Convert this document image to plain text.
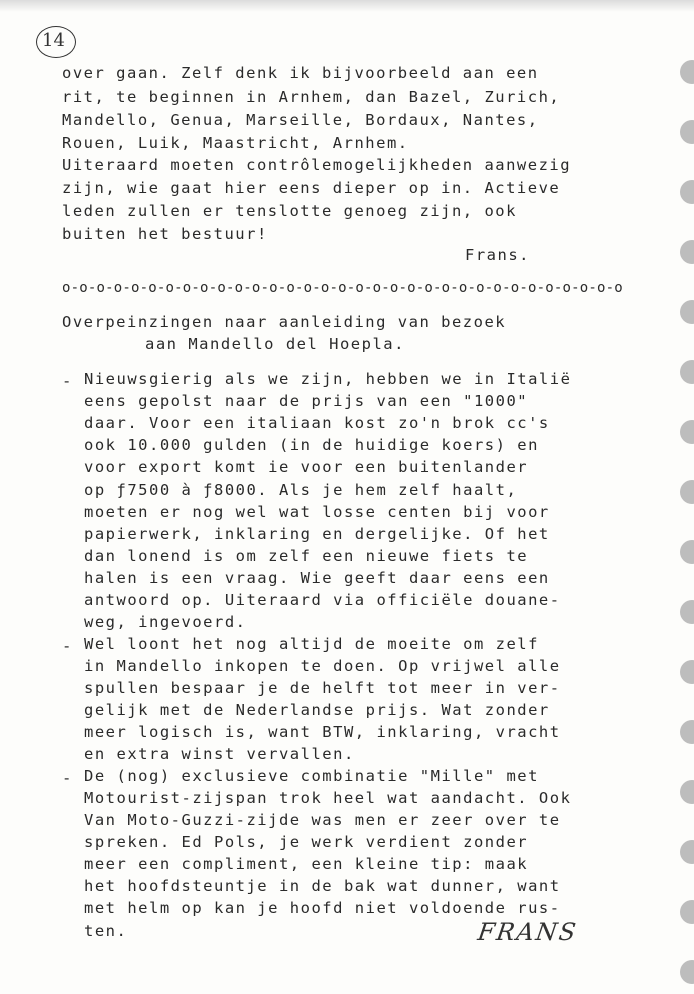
14
over gaan. Zelf denk ik bijvoorbeeld aan een
rit, te beginnen in Arnhem, dan Bazel, Zurich,
Mandello, Genua, Marseille, Bordaux, Nantes,
Rouen, Luik, Maastricht, Arnhem.
Uiteraard moeten contrôlemogelijkheden aanwezig
zijn, wie gaat hier eens dieper op in. Actieve
leden zullen er tenslotte genoeg zijn, ook
buiten het bestuur!
Frans.
o-o-o-o-o-o-o-o-o-o-o-o-o-o-o-o-o-o-o-o-o-o-o-o-o-o-o-o-o-o-o-o-o
Overpeinzingen naar aanleiding van bezoek
aan Mandello del Hoepla.
- Nieuwsgierig als we zijn, hebben we in Italië
eens gepolst naar de prijs van een "1000"
daar. Voor een italiaan kost zo'n brok cc's
ook 10.000 gulden (in de huidige koers) en
voor export komt ie voor een buitenlander
op ƒ7500 à ƒ8000. Als je hem zelf haalt,
moeten er nog wel wat losse centen bij voor
papierwerk, inklaring en dergelijke. Of het
dan lonend is om zelf een nieuwe fiets te
halen is een vraag. Wie geeft daar eens een
antwoord op. Uiteraard via officiële douane-
weg, ingevoerd.
- Wel loont het nog altijd de moeite om zelf
in Mandello inkopen te doen. Op vrijwel alle
spullen bespaar je de helft tot meer in ver-
gelijk met de Nederlandse prijs. Wat zonder
meer logisch is, want BTW, inklaring, vracht
en extra winst vervallen.
- De (nog) exclusieve combinatie "Mille" met
Motourist-zijspan trok heel wat aandacht. Ook
Van Moto-Guzzi-zijde was men er zeer over te
spreken. Ed Pols, je werk verdient zonder
meer een compliment, een kleine tip: maak
het hoofdsteuntje in de bak wat dunner, want
met helm op kan je hoofd niet voldoende rus-
ten.	FRANS
